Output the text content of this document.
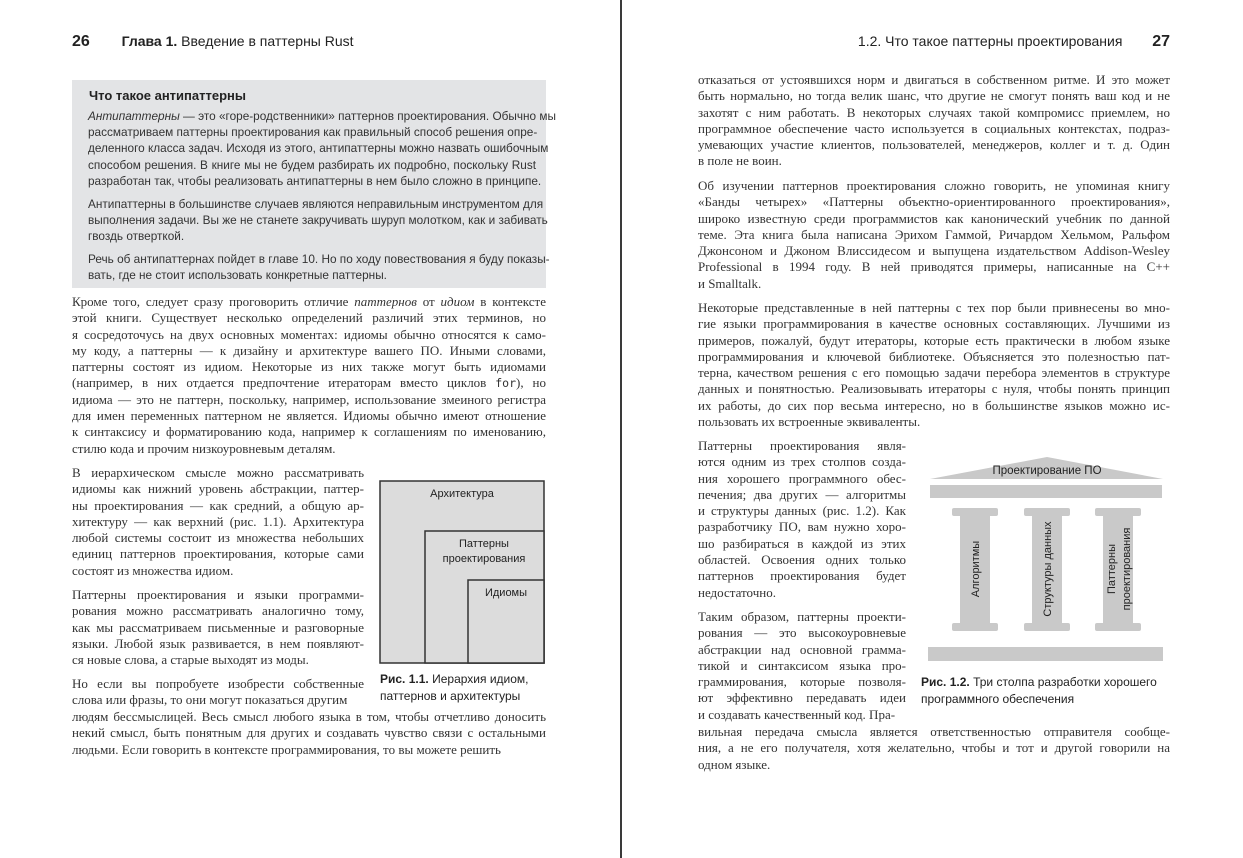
26 Глава 1. Введение в паттерны Rust
Что такое антипаттерны
Антипаттерны — это «горе-родственники» паттернов проектирования. Обычно мы
рассматриваем паттерны проектирования как правильный способ решения опре-
деленного класса задач. Исходя из этого, антипаттерны можно назвать ошибочным
способом решения. В книге мы не будем разбирать их подробно, поскольку Rust
разработан так, чтобы реализовать антипаттерны в нем было сложно в принципе.
Антипаттерны в большинстве случаев являются неправильным инструментом для
выполнения задачи. Вы же не станете закручивать шуруп молотком, как и забивать
гвоздь отверткой.
Речь об антипаттернах пойдет в главе 10. Но по ходу повествования я буду показы-
вать, где не стоит использовать конкретные паттерны.
Кроме того, следует сразу проговорить отличие паттернов от идиом в контексте
этой книги. Существует несколько определений различий этих терминов, но
я сосредоточусь на двух основных моментах: идиомы обычно относятся к само-
му коду, а паттерны — к дизайну и архитектуре вашего ПО. Иными словами,
паттерны состоят из идиом. Некоторые из них также могут быть идиомами
(например, в них отдается предпочтение итераторам вместо циклов for), но
идиома — это не паттерн, поскольку, например, использование змеиного регистра
для имен переменных паттерном не является. Идиомы обычно имеют отношение
к синтаксису и форматированию кода, например к соглашениям по именованию,
стилю кода и прочим низкоуровневым деталям.
В иерархическом смысле можно рассматривать
идиомы как нижний уровень абстракции, паттер-
ны проектирования — как средний, а общую ар-
хитектуру — как верхний (рис. 1.1). Архитектура
любой системы состоит из множества небольших
единиц паттернов проектирования, которые сами
состоят из множества идиом.
Паттерны проектирования и языки программи-
рования можно рассматривать аналогично тому,
как мы рассматриваем письменные и разговорные
языки. Любой язык развивается, в нем появляют-
ся новые слова, а старые выходят из моды.
Но если вы попробуете изобрести собственные
слова или фразы, то они могут показаться другим
людям бессмыслицей. Весь смысл любого языка в том, чтобы отчетливо доносить
некий смысл, быть понятным для других и создавать чувство связи с остальными
людьми. Если говорить в контексте программирования, то вы можете решить
Архитектура
Паттерны
проектирования
Идиомы
Рис. 1.1. Иерархия идиом,
паттернов и архитектуры
1.2. Что такое паттерны проектирования 27
отказаться от устоявшихся норм и двигаться в собственном ритме. И это может
быть нормально, но тогда велик шанс, что другие не смогут понять ваш код и не
захотят с ним работать. В некоторых случаях такой компромисс приемлем, но
программное обеспечение часто используется в социальных контекстах, подраз-
умевающих участие клиентов, пользователей, менеджеров, коллег и т. д. Один
в поле не воин.
Об изучении паттернов проектирования сложно говорить, не упоминая книгу
«Банды четырех» «Паттерны объектно-ориентированного проектирования»,
широко известную среди программистов как канонический учебник по данной
теме. Эта книга была написана Эрихом Гаммой, Ричардом Хельмом, Ральфом
Джонсоном и Джоном Влиссидесом и выпущена издательством Addison-Wesley
Professional в 1994 году. В ней приводятся примеры, написанные на C++
и Smalltalk.
Некоторые представленные в ней паттерны с тех пор были привнесены во мно-
гие языки программирования в качестве основных составляющих. Лучшими из
примеров, пожалуй, будут итераторы, которые есть практически в любом языке
программирования и ключевой библиотеке. Объясняется это полезностью пат-
терна, качеством решения с его помощью задачи перебора элементов в структуре
данных и понятностью. Реализовывать итераторы с нуля, чтобы понять принцип
их работы, до сих пор весьма интересно, но в большинстве языков можно ис-
пользовать их встроенные эквиваленты.
Паттерны проектирования явля-
ются одним из трех столпов созда-
ния хорошего программного обес-
печения; два других — алгоритмы
и структуры данных (рис. 1.2). Как
разработчику ПО, вам нужно хоро-
шо разбираться в каждой из этих
областей. Освоения одних только
паттернов проектирования будет
недостаточно.
Таким образом, паттерны проекти-
рования — это высокоуровневые
абстракции над основной грамма-
тикой и синтаксисом языка про-
граммирования, которые позволя-
ют эффективно передавать идеи
и создавать качественный код. Пра-
вильная передача смысла является ответственностью отправителя сообще-
ния, а не его получателя, хотя желательно, чтобы и тот и другой говорили на
одном языке.
Проектирование ПО
Алгоритмы	Структуры данных	Паттерны проектирования
Рис. 1.2. Три столпа разработки хорошего
программного обеспечения
